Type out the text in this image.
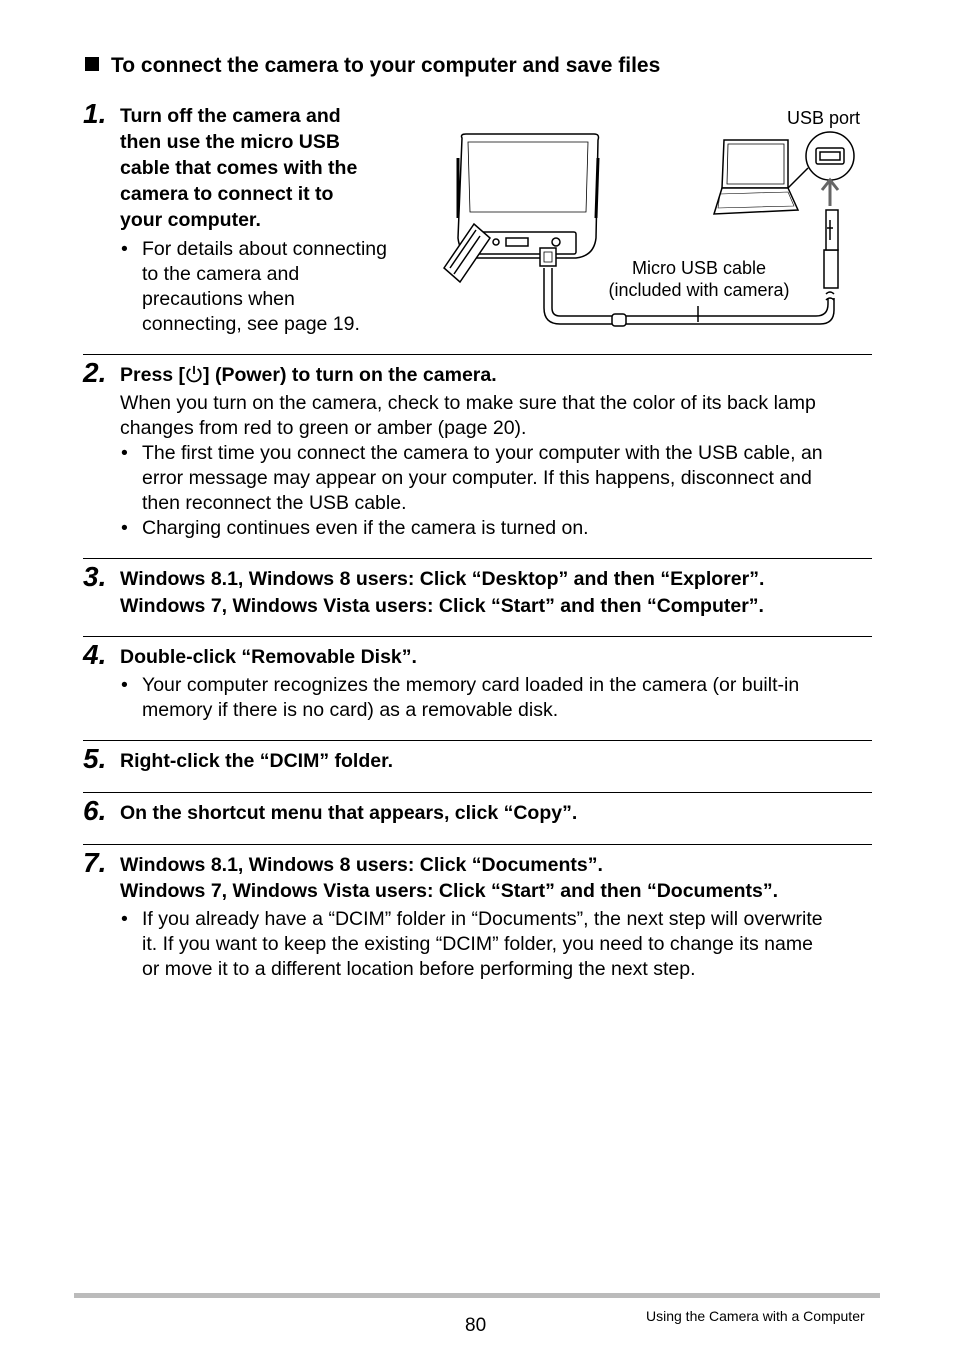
To connect the camera to your computer and save files
1. Turn off the camera and
then use the micro USB
cable that comes with the
camera to connect it to
your computer.
• For details about connecting
to the camera and
precautions when
connecting, see page 19.
USB port
Micro USB cable
(included with camera)
2. Press [ ] (Power) to turn on the camera.
When you turn on the camera, check to make sure that the color of its back lamp
changes from red to green or amber (page 20).
• The first time you connect the camera to your computer with the USB cable, an
error message may appear on your computer. If this happens, disconnect and
then reconnect the USB cable.
• Charging continues even if the camera is turned on.
3. Windows 8.1, Windows 8 users: Click “Desktop” and then “Explorer”.
Windows 7, Windows Vista users: Click “Start” and then “Computer”.
4. Double-click “Removable Disk”.
• Your computer recognizes the memory card loaded in the camera (or built-in
memory if there is no card) as a removable disk.
5. Right-click the “DCIM” folder.
6. On the shortcut menu that appears, click “Copy”.
7. Windows 8.1, Windows 8 users: Click “Documents”.
Windows 7, Windows Vista users: Click “Start” and then “Documents”.
• If you already have a “DCIM” folder in “Documents”, the next step will overwrite
it. If you want to keep the existing “DCIM” folder, you need to change its name
or move it to a different location before performing the next step.
80	Using the Camera with a Computer
